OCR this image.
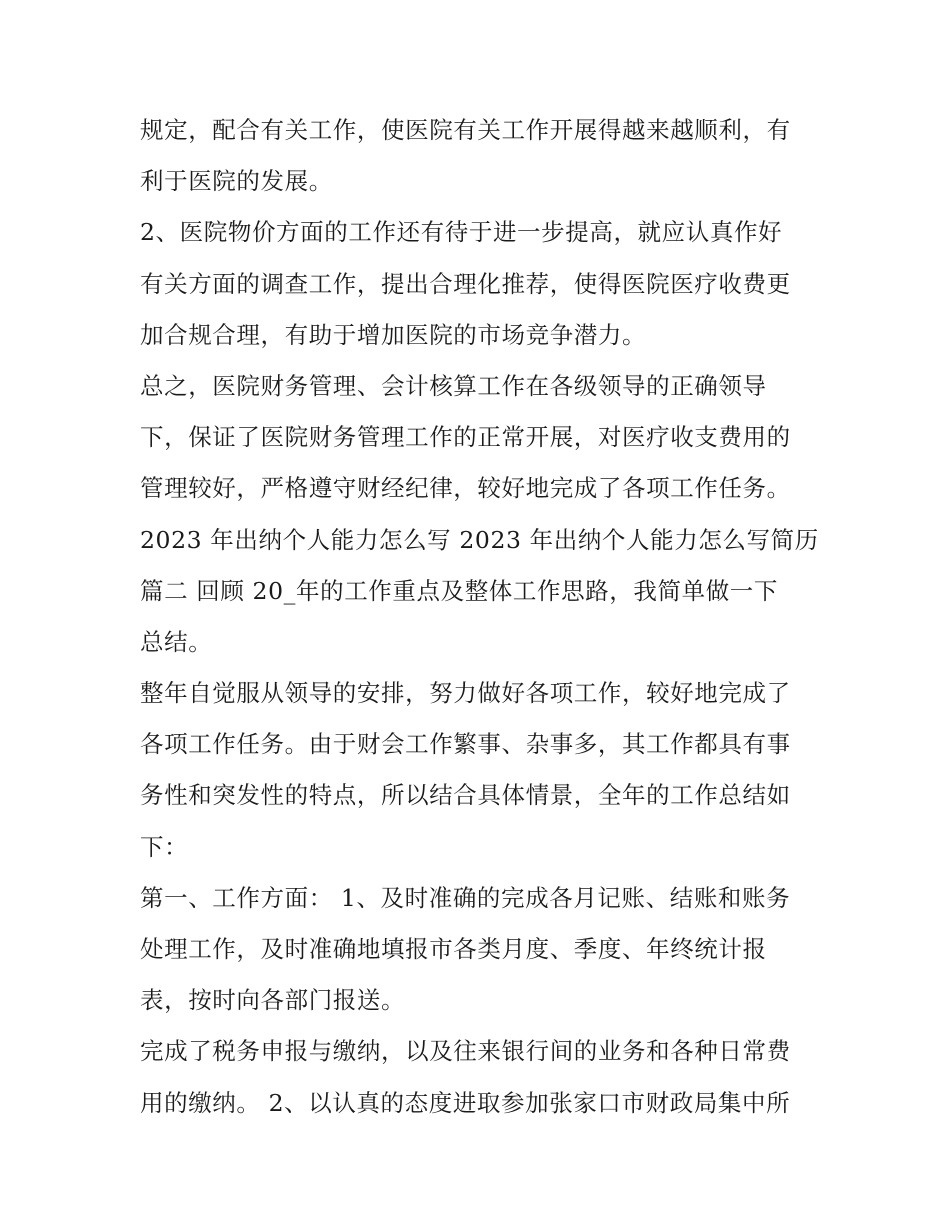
规定，配合有关工作，使医院有关工作开展得越来越顺利，有
利于医院的发展。
2、医院物价方面的工作还有待于进一步提高，就应认真作好
有关方面的调查工作，提出合理化推荐，使得医院医疗收费更
加合规合理，有助于增加医院的市场竞争潜力。
总之，医院财务管理、会计核算工作在各级领导的正确领导
下，保证了医院财务管理工作的正常开展，对医疗收支费用的
管理较好，严格遵守财经纪律，较好地完成了各项工作任务。
2023 年出纳个人能力怎么写 2023 年出纳个人能力怎么写简历
篇二 回顾 20_年的工作重点及整体工作思路，我简单做一下
总结。
整年自觉服从领导的安排，努力做好各项工作，较好地完成了
各项工作任务。由于财会工作繁事、杂事多，其工作都具有事
务性和突发性的特点，所以结合具体情景，全年的工作总结如
下：
第一、工作方面： 1、及时准确的完成各月记账、结账和账务
处理工作，及时准确地填报市各类月度、季度、年终统计报
表，按时向各部门报送。
完成了税务申报与缴纳，以及往来银行间的业务和各种日常费
用的缴纳。 2、以认真的态度进取参加张家口市财政局集中所
